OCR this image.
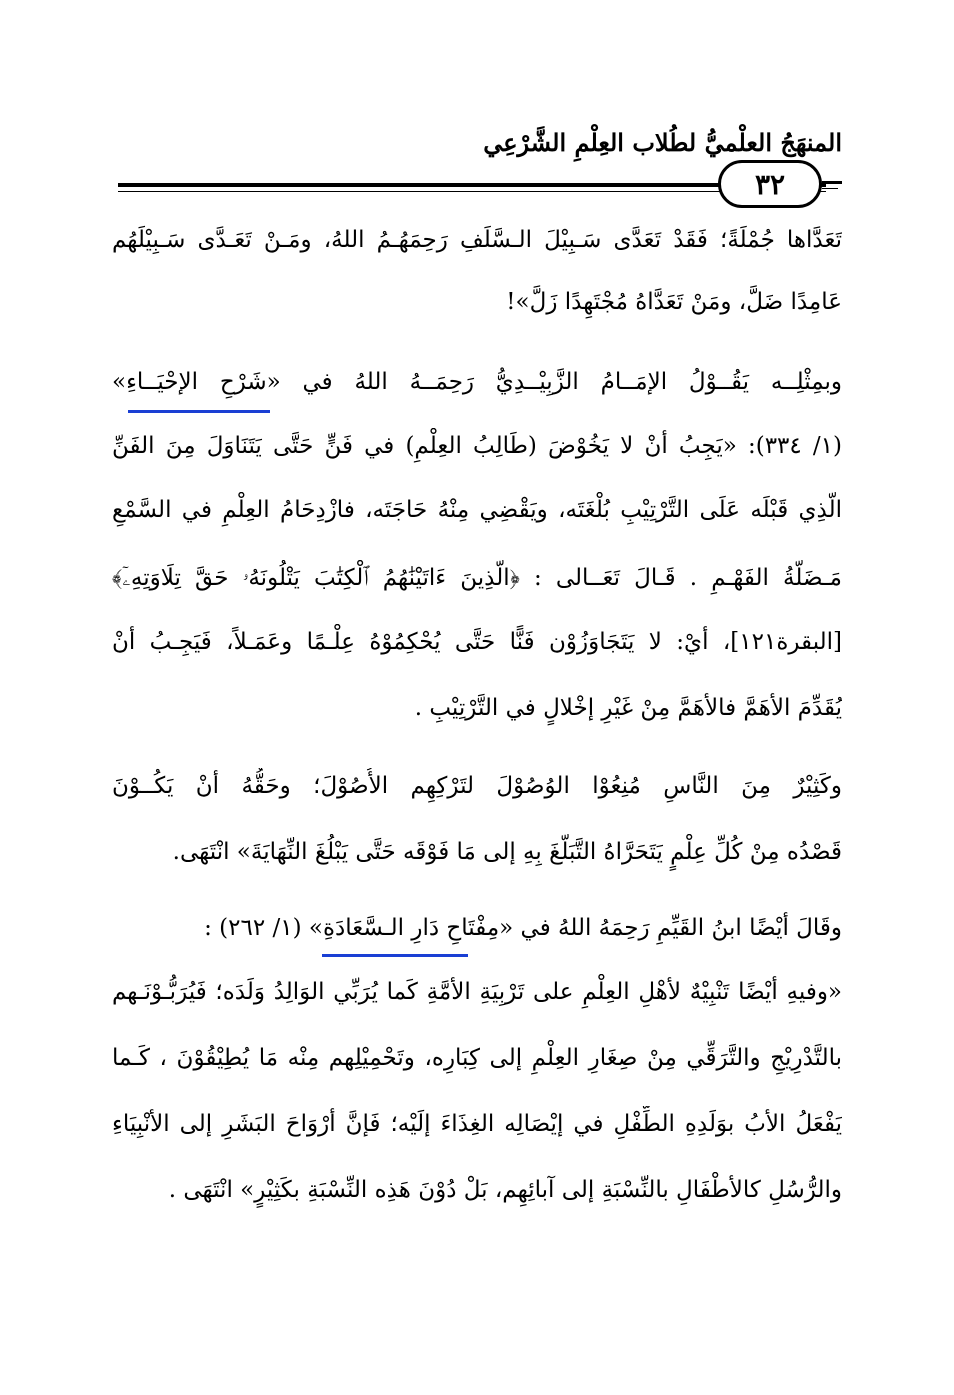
المنهَجُ العلْميُّ لطُلاب العِلْمِ الشَّرْعِي
٣٢
تَعَدَّاها جُمْلَةً؛ فَقَدْ تَعَدَّى سَـبِيْلَ الـسَّلَفِ رَحِمَهُـمُ اللهُ، ومَـنْ تَعَـدَّى سَـبِيْلَهُم
عَامِدًا ضَلَّ، ومَنْ تَعَدَّاهُ مُجْتَهِدًا زَلَّ»!
وبمِثْلِــه يَقُــوْلُ الإمَــامُ الزَّبِيْــدِيُّ رَحِمَــهُ اللهُ في «شَرْحِ الإحْيَــاءِ»
(١/ ٣٣٤): «يَجِبُ أنْ لا يَخُوْضَ (طَالِبُ العِلْمِ) في فَنٍّ حَتَّى يَتَنَاوَلَ مِنَ الفَنِّ
الَّذِي قَبْلَه عَلَى التَّرْتِيْبِ بُلْغَتَه، ويَقْضِي مِنْهُ حَاجَتَه، فازْدِحَامُ العِلْمِ في السَّمْعِ
مَـضَلَّةُ الفَهْـمِ . قَـالَ تَعَــالى : ﴿الَّذِينَ ءَاتَيْنَٰهُمُ ٱلْكِتَٰبَ يَتْلُونَهُۥ حَقَّ تِلَاوَتِهِۦٓ﴾
[البقرة١٢١]، أيْ: لا يَتَجَاوَزُوْن فَنًّا حَتَّى يُحْكِمُوْهُ عِلْـمًا وعَمَـلاً، فَيَجِـبُ أنْ
يُقَدِّمَ الأهَمَّ فالأهَمَّ مِنْ غَيْرِ إخْلالٍ في التَّرْتِيْبِ .
وكَثِيْرٌ مِنَ النَّاسِ مُنِعُوْا الوُصُوْلَ لتَرْكِهِم الأُصُوْلَ؛ وحَقُّهُ أنْ يَكُــوْنَ
قَصْدُه مِنْ كُلِّ عِلْمٍ يَتَحَرَّاهُ التَّبَلُّغَ بِهِ إلى مَا فَوْقَه حَتَّى يَبْلُغَ النِّهَايَةَ» انْتَهَى.
وقَالَ أيْضًا ابنُ القَيِّمِ رَحِمَهُ اللهُ في «مِفْتَاحِ دَارِ الـسَّعَادَةِ» (١/ ٢٦٢) :
«وفيهِ أيْضًا تَنْبِيْهٌ لأهْلِ العِلْمِ على تَرْبِيَةِ الأمَّةِ كَما يُرَبِّي الوَالِدُ وَلَدَه؛ فَيُرَبُّـوْنَـهم
بالتَّدْرِيْجِ والتَّرَقِّي مِنْ صِغَارِ العِلْمِ إلى كِبَارِه، وتَحْمِيْلِهم مِنْه مَا يُطِيْقُوْنَ ، كَـما
يَفْعَلُ الأبُ بوَلَدِهِ الطِّفْلِ في إيْصَالِه الغِذَاءَ إلَيْه؛ فَإنَّ أرْوَاحَ البَشَرِ إلى الأنْبِيَاءِ
والرُّسُلِ كالأطْفَالِ بالنِّسْبَةِ إلى آبائِهِم، بَلْ دُوْنَ هَذِه النِّسْبَةِ بكَثِيْرٍ» انْتَهَى .
